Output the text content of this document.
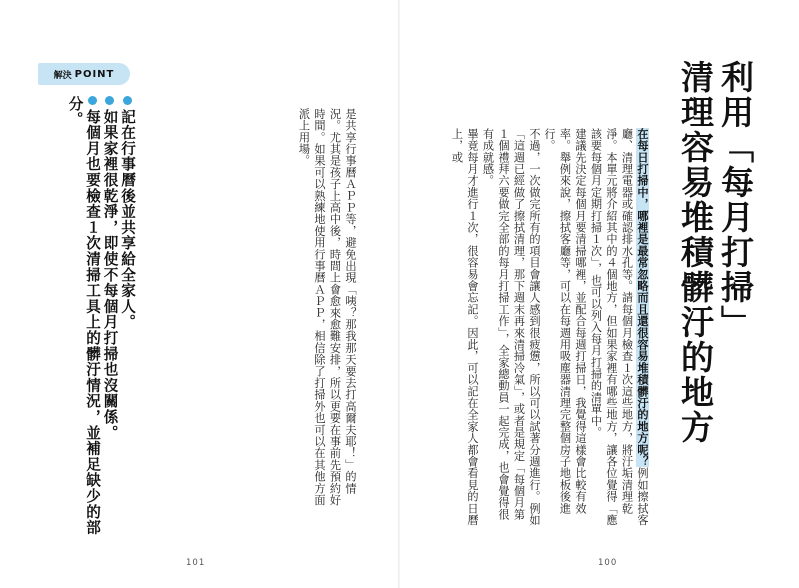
利用「每月打掃」
清理容易堆積髒汙的地方
在每日打掃中，哪裡是最常忽略而且還很容易堆積髒汙的地方呢？例如擦拭客廳、清理電器或確認排水孔等。請每個月檢查１次這些地方，將汙垢清理乾淨。本單元將介紹其中的４個地方，但如果家裡有哪些地方，讓各位覺得「應該要每個月定期打掃１次」，也可以列入每月打掃的清單中。
建議先決定每個月要清掃哪裡，並配合每週打掃日，我覺得這樣會比較有效率。舉例來說，擦拭客廳等，可以在每週用吸塵器清理完整個房子地板後進行。
不過，一次做完所有的項目會讓人感到很疲憊，所以可以試著分週進行。例如「這週已經做了擦拭清理，那下週末再來清掃冷氣」，或者是規定「每個月第１個禮拜六要做完全部的每月打掃工作」，全家總動員一起完成，也會覺得很有成就感。
畢竟每月才進行１次，很容易會忘記。因此，可以記在全家人都會看見的日曆上，或
是共享行事曆ＡＰＰ等，避免出現「咦？那我那天要去打高爾夫耶！」的情況。尤其是孩子上高中後，時間上會愈來愈難安排，所以更要在事前先預約好時間。如果可以熟練地使用行事曆ＡＰＰ，相信除了打掃外也可以在其他方面派上用場。
解決 POINT
記在行事曆後並共享給全家人。
如果家裡很乾淨，即使不每個月打掃也沒關係。
每個月也要檢查１次清掃工具上的髒汙情況，並補足缺少的部分。
101	100
